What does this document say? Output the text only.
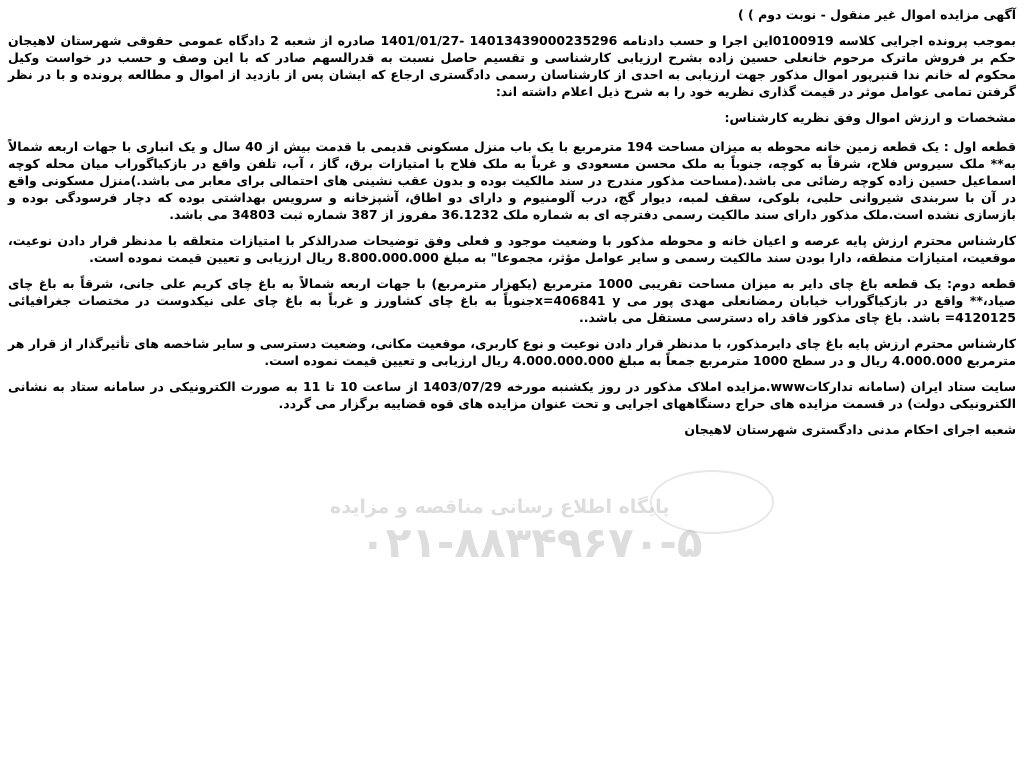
پایگاه اطلاع رسانی مناقصه و مزایده
۰۲۱-۸۸۳۴۹۶۷۰-۵

آگهی مزایده اموال غیر منقول - نوبت دوم ) )

بموجب پرونده اجرایی کلاسه 0100919این اجرا و حسب دادنامه 14013439000235296 -1401/01/27 صادره از شعبه 2 دادگاه عمومی حقوقی شهرستان لاهیجان حکم بر فروش ماترک مرحوم خانعلی حسین زاده بشرح ارزیابی کارشناسی و تقسیم حاصل نسبت به قدرالسهم صادر که با این وصف و حسب در خواست وکیل محکوم له خانم ندا قنبرپور اموال مذکور جهت ارزیابی به احدی از کارشناسان رسمی دادگستری ارجاع که ایشان پس از بازدید از اموال و مطالعه پرونده و با در نظر گرفتن تمامی عوامل موثر در قیمت گذاری نظریه خود را به شرح ذیل اعلام داشته اند:

مشخصات و ارزش اموال وفق نظریه کارشناس:

قطعه اول : یک قطعه زمین خانه محوطه به میزان مساحت 194 مترمربع با یک باب منزل مسکونی قدیمی با قدمت بیش از 40 سال و یک انباری با جهات اربعه شمالاً به** ملک سیروس فلاح، شرقاً به کوچه، جنوباً به ملک محسن مسعودی و غرباً به ملک فلاح با امتیازات برق، گاز ، آب، تلفن واقع در بازکیاگوراب میان محله کوچه اسماعیل حسین زاده کوچه رضائی می باشد.(مساحت مذکور مندرج در سند مالکیت بوده و بدون عقب نشینی های احتمالی برای معابر می باشد.)منزل مسکونی واقع در آن با سربندی شیروانی حلبی، بلوکی، سقف لمبه، دیوار گچ، درب آلومنیوم و دارای دو اطاق، آشپزخانه و سرویس بهداشتی بوده که دچار فرسودگی بوده و بازسازی نشده است.ملک مذکور دارای سند مالکیت رسمی دفترچه ای به شماره ملک 36.1232 مفروز از 387 شماره ثبت 34803 می باشد.

کارشناس محترم ارزش پایه عرصه و اعیان خانه و محوطه مذکور با وضعیت موجود و فعلی وفق توضیحات صدرالذکر با امتیازات متعلقه با مدنظر قرار دادن نوعیت، موقعیت، امتیازات منطقه، دارا بودن سند مالکیت رسمی و سایر عوامل مؤثر، مجموعا" به مبلغ 8.800.000.000 ریال ارزیابی و تعیین قیمت نموده است.

قطعه دوم: یک قطعه باغ چای دایر به میزان مساحت تقریبی 1000 مترمربع (یکهزار مترمربع) با جهات اربعه شمالاً به باغ چای کریم علی جانی، شرقاً به باغ چای صیاد،** واقع در بازکیاگوراب خیابان رمضانعلی مهدی پور می x=406841 yجنوباً به باغ چای کشاورز و غرباً به باغ چای علی نیکدوست در مختصات جغرافیائی 4120125= باشد. باغ چای مذکور فاقد راه دسترسی مستقل می باشد..

کارشناس محترم ارزش پایه باغ چای دایرمذکور، با مدنظر قرار دادن نوعیت و نوع کاربری، موقعیت مکانی، وضعیت دسترسی و سایر شاخصه های تأثیرگذار از قرار هر مترمربع 4.000.000 ریال و در سطح 1000 مترمربع جمعاً به مبلغ 4.000.000.000 ریال ارزیابی و تعیین قیمت نموده است.

سایت ستاد ایران (سامانه تدارکاتwww.مزایده املاک مذکور در روز یکشنبه مورخه 1403/07/29 از ساعت 10 تا 11 به صورت الکترونیکی در سامانه ستاد به نشانی الکترونیکی دولت) در قسمت مزایده های حراج دستگاههای اجرایی و تحت عنوان مزایده های قوه قضاییه برگزار می گردد.

شعبه اجرای احکام مدنی دادگستری شهرستان لاهیجان
